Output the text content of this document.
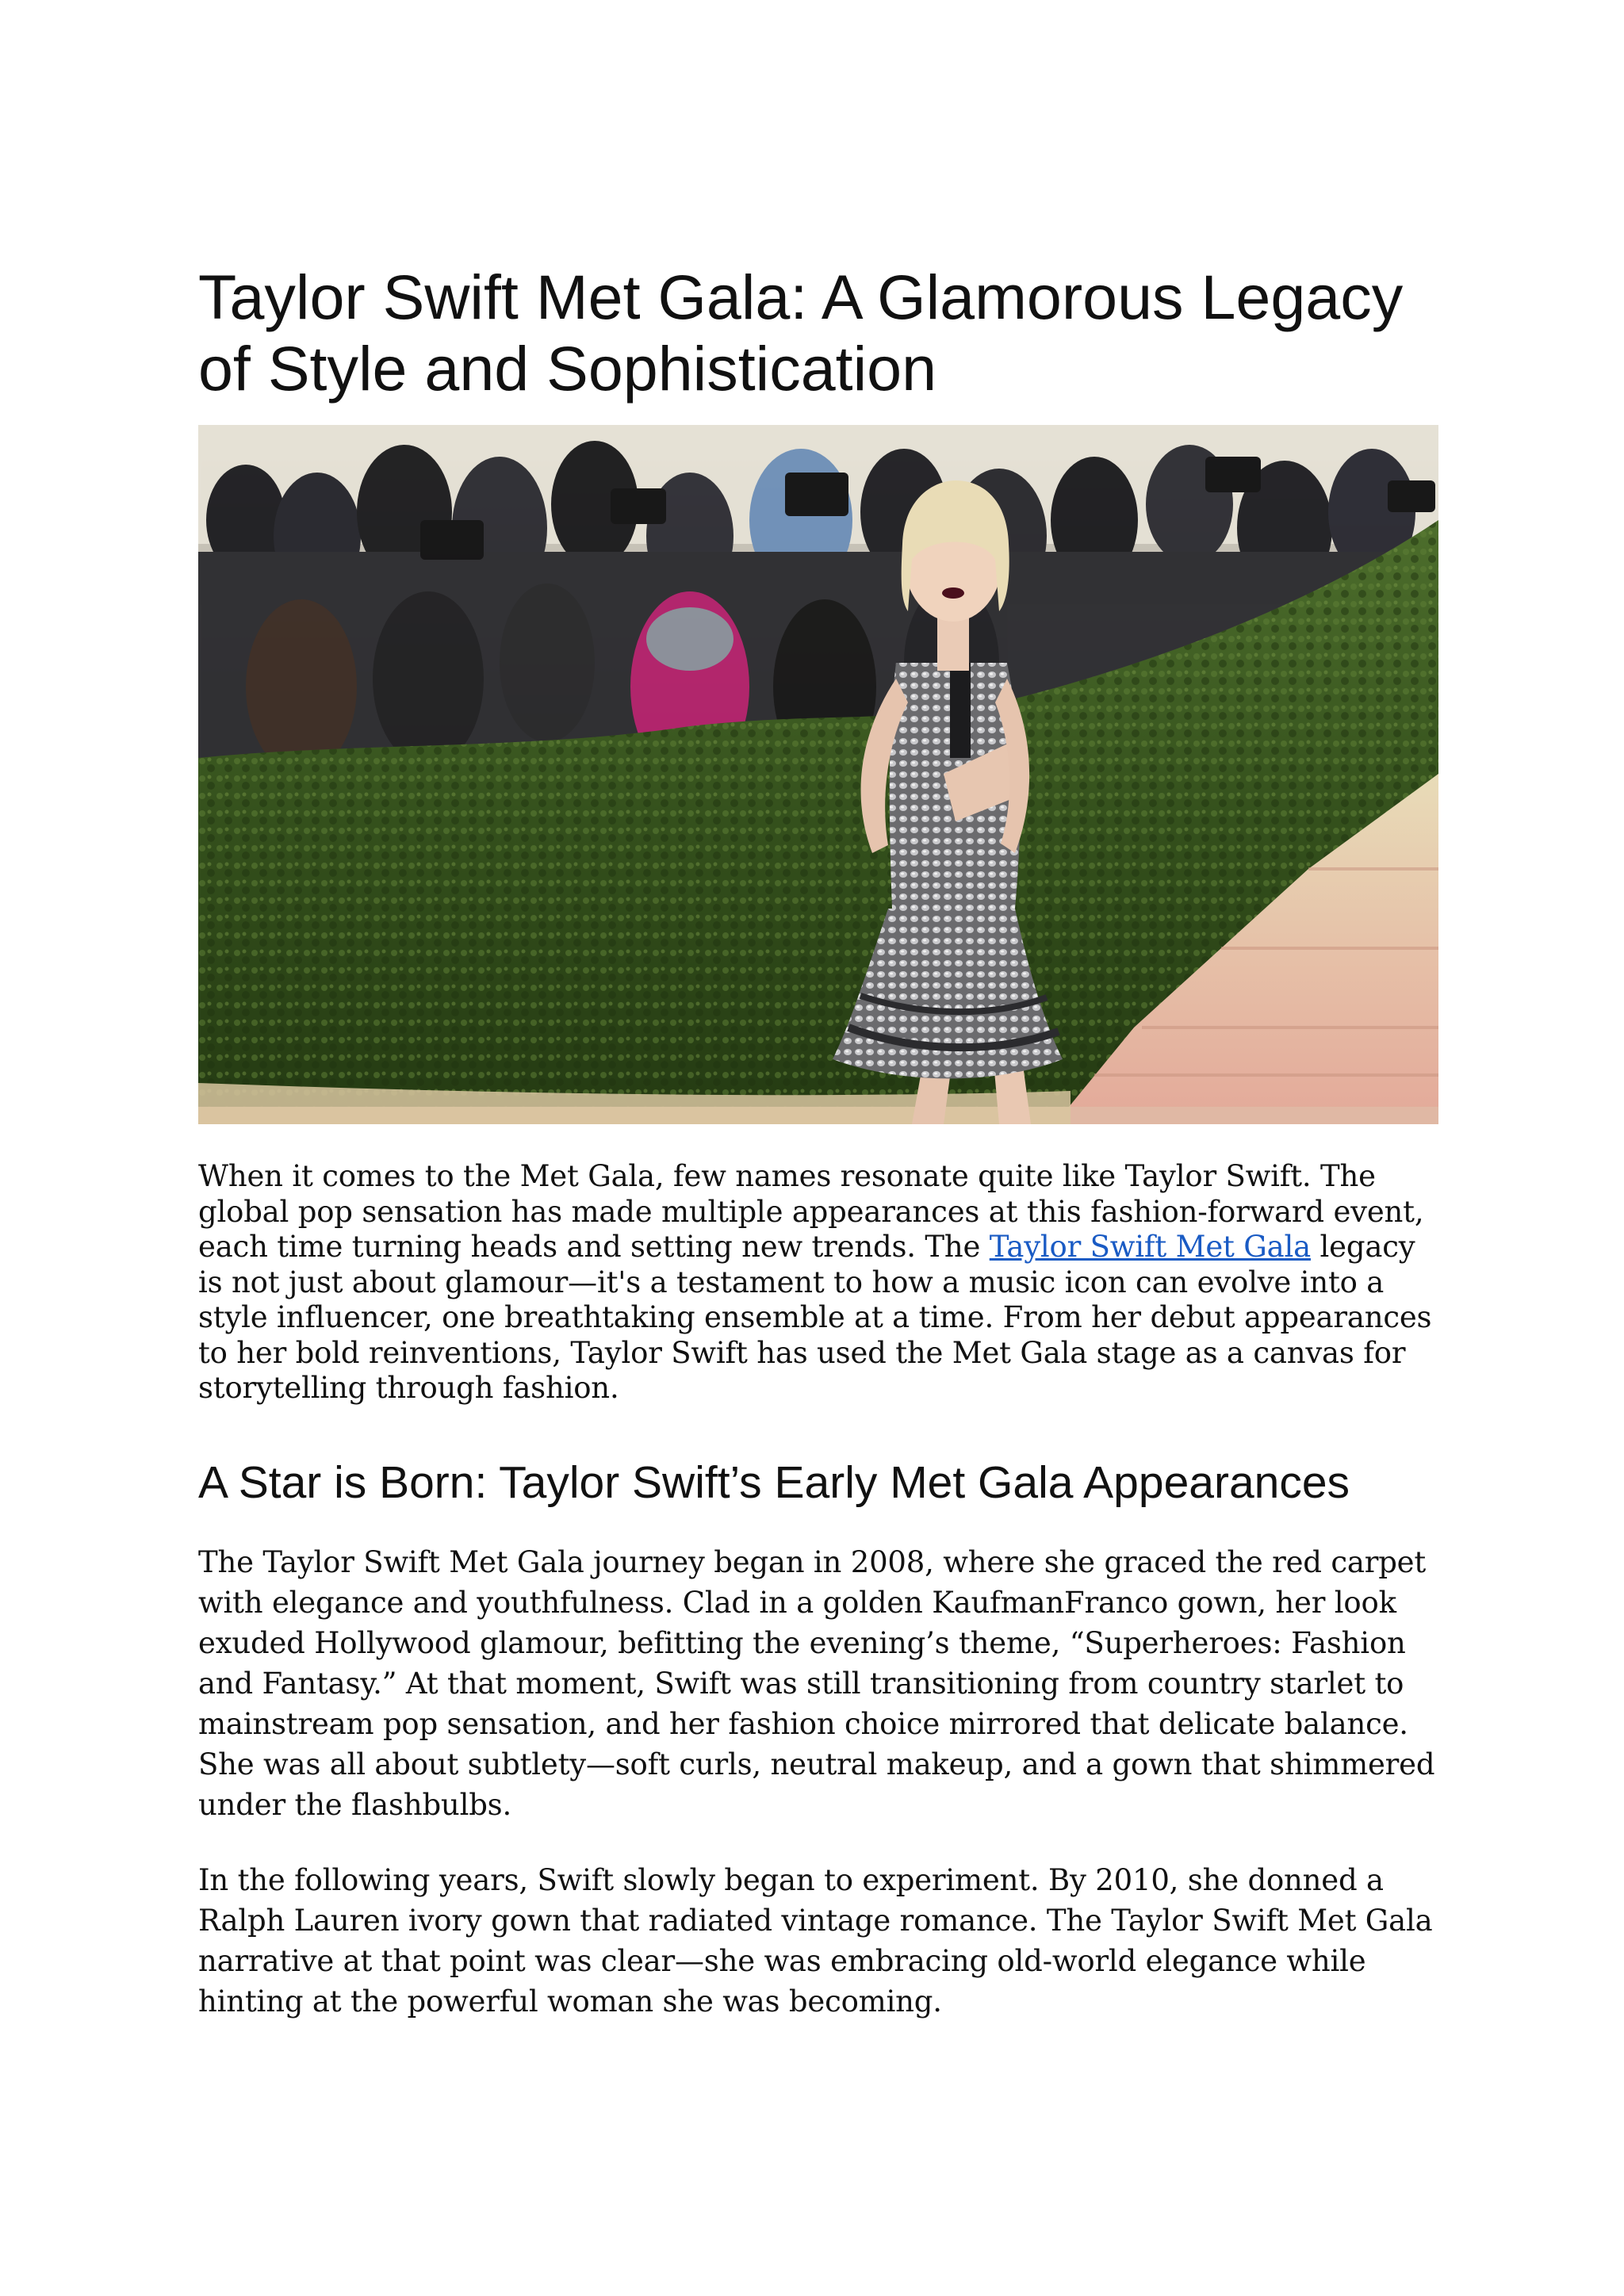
Taylor Swift Met Gala: A Glamorous Legacy of Style and Sophistication

When it comes to the Met Gala, few names resonate quite like Taylor Swift. The global pop sensation has made multiple appearances at this fashion-forward event, each time turning heads and setting new trends. The Taylor Swift Met Gala legacy is not just about glamour—it's a testament to how a music icon can evolve into a style influencer, one breathtaking ensemble at a time. From her debut appearances to her bold reinventions, Taylor Swift has used the Met Gala stage as a canvas for storytelling through fashion.

A Star is Born: Taylor Swift’s Early Met Gala Appearances

The Taylor Swift Met Gala journey began in 2008, where she graced the red carpet with elegance and youthfulness. Clad in a golden KaufmanFranco gown, her look exuded Hollywood glamour, befitting the evening’s theme, “Superheroes: Fashion and Fantasy.” At that moment, Swift was still transitioning from country starlet to mainstream pop sensation, and her fashion choice mirrored that delicate balance. She was all about subtlety—soft curls, neutral makeup, and a gown that shimmered under the flashbulbs.

In the following years, Swift slowly began to experiment. By 2010, she donned a Ralph Lauren ivory gown that radiated vintage romance. The Taylor Swift Met Gala narrative at that point was clear—she was embracing old-world elegance while hinting at the powerful woman she was becoming.
